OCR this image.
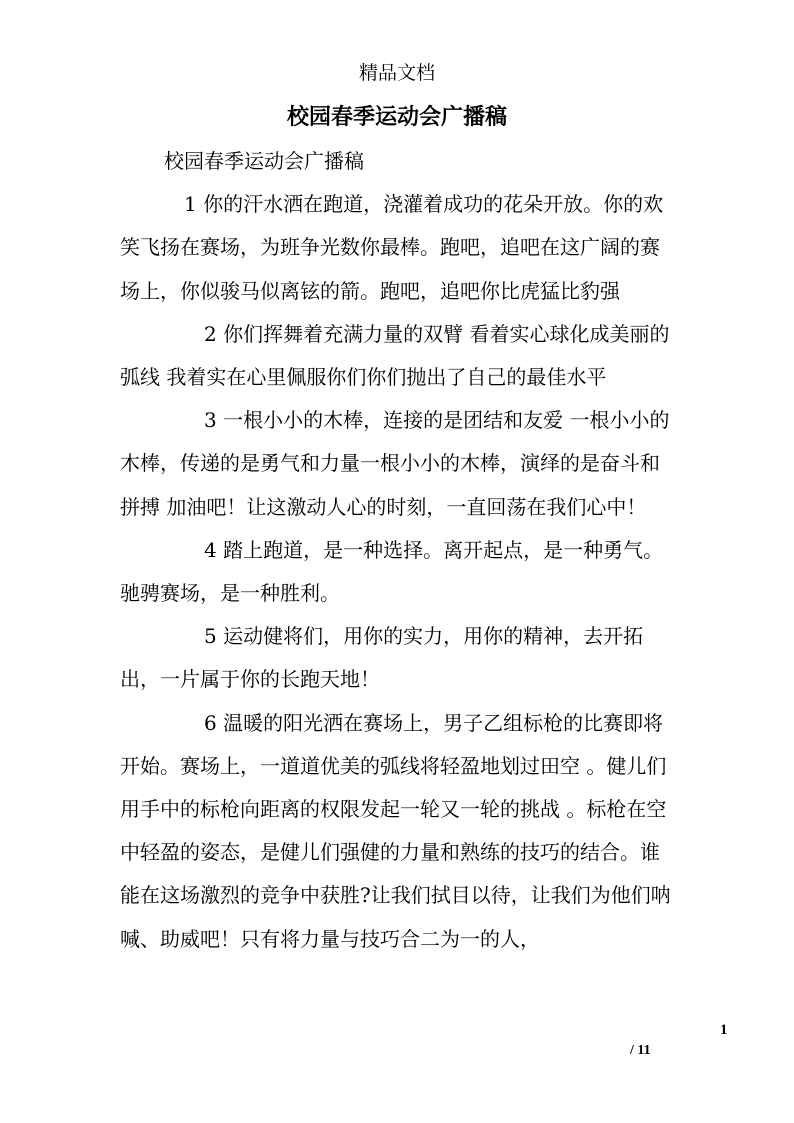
精品文档
校园春季运动会广播稿

校园春季运动会广播稿

1 你的汗水洒在跑道，浇灌着成功的花朵开放。你的欢笑飞扬在赛场，为班争光数你最棒。跑吧，追吧在这广阔的赛场上，你似骏马似离铉的箭。跑吧，追吧你比虎猛比豹强

2 你们挥舞着充满力量的双臂 看着实心球化成美丽的弧线 我着实在心里佩服你们你们抛出了自己的最佳水平

3 一根小小的木棒，连接的是团结和友爱 一根小小的木棒，传递的是勇气和力量一根小小的木棒，演绎的是奋斗和拼搏 加油吧！让这激动人心的时刻，一直回荡在我们心中！

4 踏上跑道，是一种选择。离开起点，是一种勇气。驰骋赛场，是一种胜利。

5 运动健将们，用你的实力，用你的精神，去开拓出，一片属于你的长跑天地！

6 温暖的阳光洒在赛场上，男子乙组标枪的比赛即将开始。赛场上，一道道优美的弧线将轻盈地划过田空 。健儿们用手中的标枪向距离的权限发起一轮又一轮的挑战 。标枪在空中轻盈的姿态，是健儿们强健的力量和熟练的技巧的结合。谁能在这场激烈的竞争中获胜?让我们拭目以待，让我们为他们呐喊、助威吧！只有将力量与技巧合二为一的人，

1
/ 11
